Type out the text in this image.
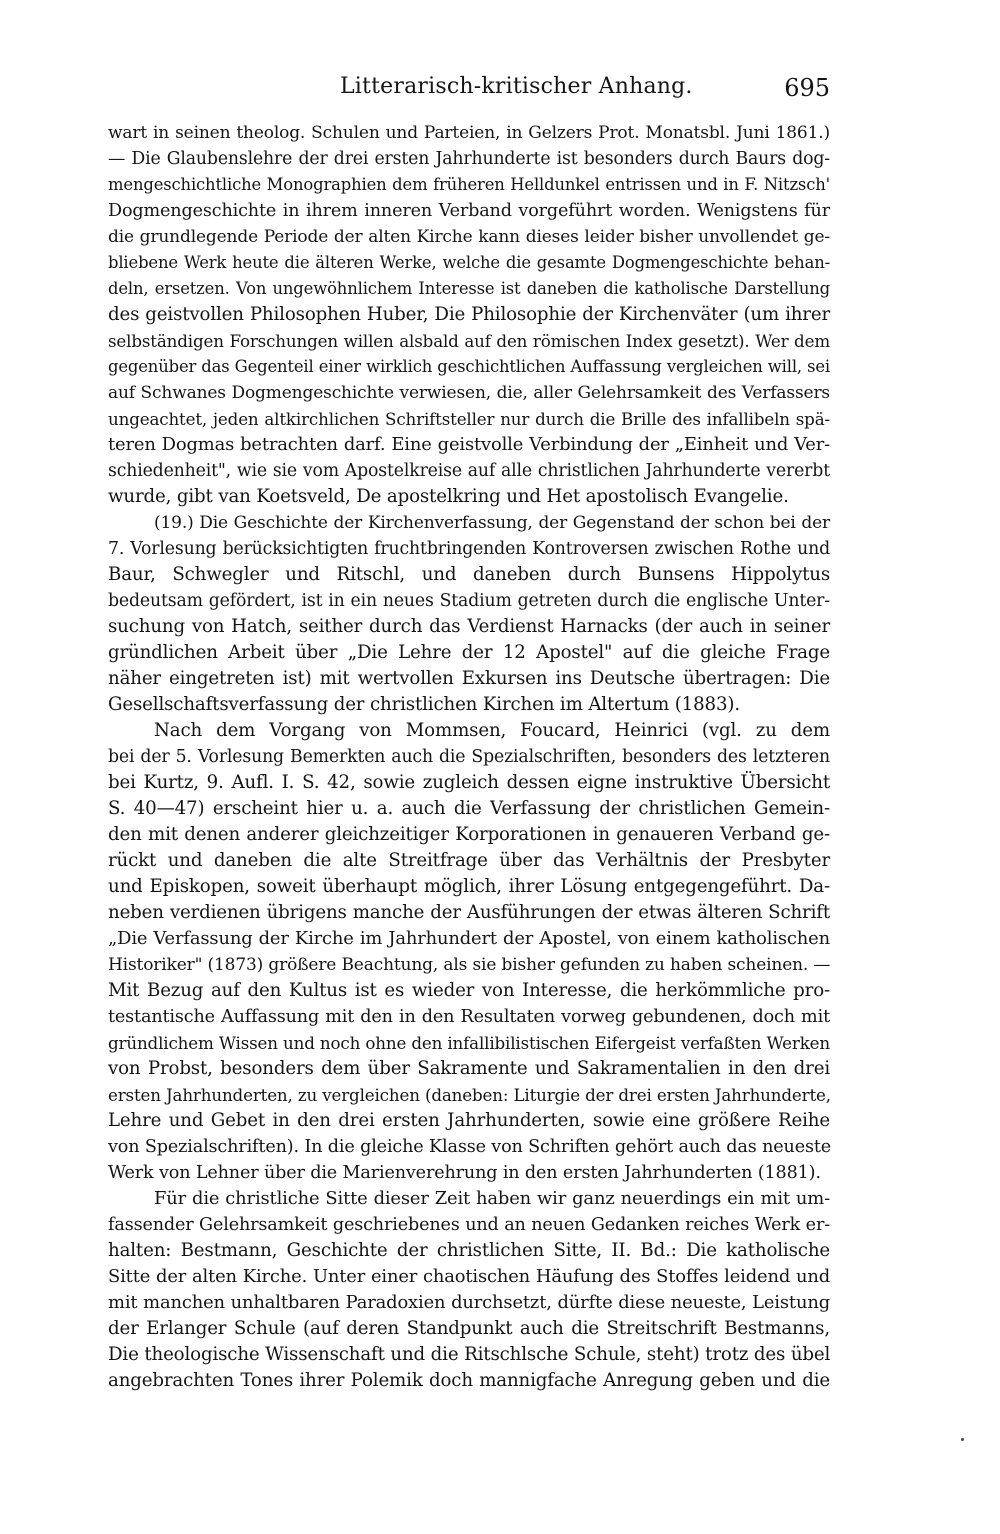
Litterarisch-kritischer Anhang.	695
wart in seinen theolog. Schulen und Parteien, in Gelzers Prot. Monatsbl. Juni 1861.)
— Die Glaubenslehre der drei ersten Jahrhunderte ist besonders durch Baurs dog-
mengeschichtliche Monographien dem früheren Helldunkel entrissen und in F. Nitzsch'
Dogmengeschichte in ihrem inneren Verband vorgeführt worden. Wenigstens für
die grundlegende Periode der alten Kirche kann dieses leider bisher unvollendet ge-
bliebene Werk heute die älteren Werke, welche die gesamte Dogmengeschichte behan-
deln, ersetzen. Von ungewöhnlichem Interesse ist daneben die katholische Darstellung
des geistvollen Philosophen Huber, Die Philosophie der Kirchenväter (um ihrer
selbständigen Forschungen willen alsbald auf den römischen Index gesetzt). Wer dem
gegenüber das Gegenteil einer wirklich geschichtlichen Auffassung vergleichen will, sei
auf Schwanes Dogmengeschichte verwiesen, die, aller Gelehrsamkeit des Verfassers
ungeachtet, jeden altkirchlichen Schriftsteller nur durch die Brille des infallibeln spä-
teren Dogmas betrachten darf. Eine geistvolle Verbindung der „Einheit und Ver-
schiedenheit", wie sie vom Apostelkreise auf alle christlichen Jahrhunderte vererbt
wurde, gibt van Koetsveld, De apostelkring und Het apostolisch Evangelie.
(19.) Die Geschichte der Kirchenverfassung, der Gegenstand der schon bei der
7. Vorlesung berücksichtigten fruchtbringenden Kontroversen zwischen Rothe und
Baur, Schwegler und Ritschl, und daneben durch Bunsens Hippolytus
bedeutsam gefördert, ist in ein neues Stadium getreten durch die englische Unter-
suchung von Hatch, seither durch das Verdienst Harnacks (der auch in seiner
gründlichen Arbeit über „Die Lehre der 12 Apostel" auf die gleiche Frage
näher eingetreten ist) mit wertvollen Exkursen ins Deutsche übertragen: Die
Gesellschaftsverfassung der christlichen Kirchen im Altertum (1883).
Nach dem Vorgang von Mommsen, Foucard, Heinrici (vgl. zu dem
bei der 5. Vorlesung Bemerkten auch die Spezialschriften, besonders des letzteren
bei Kurtz, 9. Aufl. I. S. 42, sowie zugleich dessen eigne instruktive Übersicht
S. 40—47) erscheint hier u. a. auch die Verfassung der christlichen Gemein-
den mit denen anderer gleichzeitiger Korporationen in genaueren Verband ge-
rückt und daneben die alte Streitfrage über das Verhältnis der Presbyter
und Episkopen, soweit überhaupt möglich, ihrer Lösung entgegengeführt. Da-
neben verdienen übrigens manche der Ausführungen der etwas älteren Schrift
„Die Verfassung der Kirche im Jahrhundert der Apostel, von einem katholischen
Historiker" (1873) größere Beachtung, als sie bisher gefunden zu haben scheinen. —
Mit Bezug auf den Kultus ist es wieder von Interesse, die herkömmliche pro-
testantische Auffassung mit den in den Resultaten vorweg gebundenen, doch mit
gründlichem Wissen und noch ohne den infallibilistischen Eifergeist verfaßten Werken
von Probst, besonders dem über Sakramente und Sakramentalien in den drei
ersten Jahrhunderten, zu vergleichen (daneben: Liturgie der drei ersten Jahrhunderte,
Lehre und Gebet in den drei ersten Jahrhunderten, sowie eine größere Reihe
von Spezialschriften). In die gleiche Klasse von Schriften gehört auch das neueste
Werk von Lehner über die Marienverehrung in den ersten Jahrhunderten (1881).
Für die christliche Sitte dieser Zeit haben wir ganz neuerdings ein mit um-
fassender Gelehrsamkeit geschriebenes und an neuen Gedanken reiches Werk er-
halten: Bestmann, Geschichte der christlichen Sitte, II. Bd.: Die katholische
Sitte der alten Kirche. Unter einer chaotischen Häufung des Stoffes leidend und
mit manchen unhaltbaren Paradoxien durchsetzt, dürfte diese neueste, Leistung
der Erlanger Schule (auf deren Standpunkt auch die Streitschrift Bestmanns,
Die theologische Wissenschaft und die Ritschlsche Schule, steht) trotz des übel
angebrachten Tones ihrer Polemik doch mannigfache Anregung geben und die
